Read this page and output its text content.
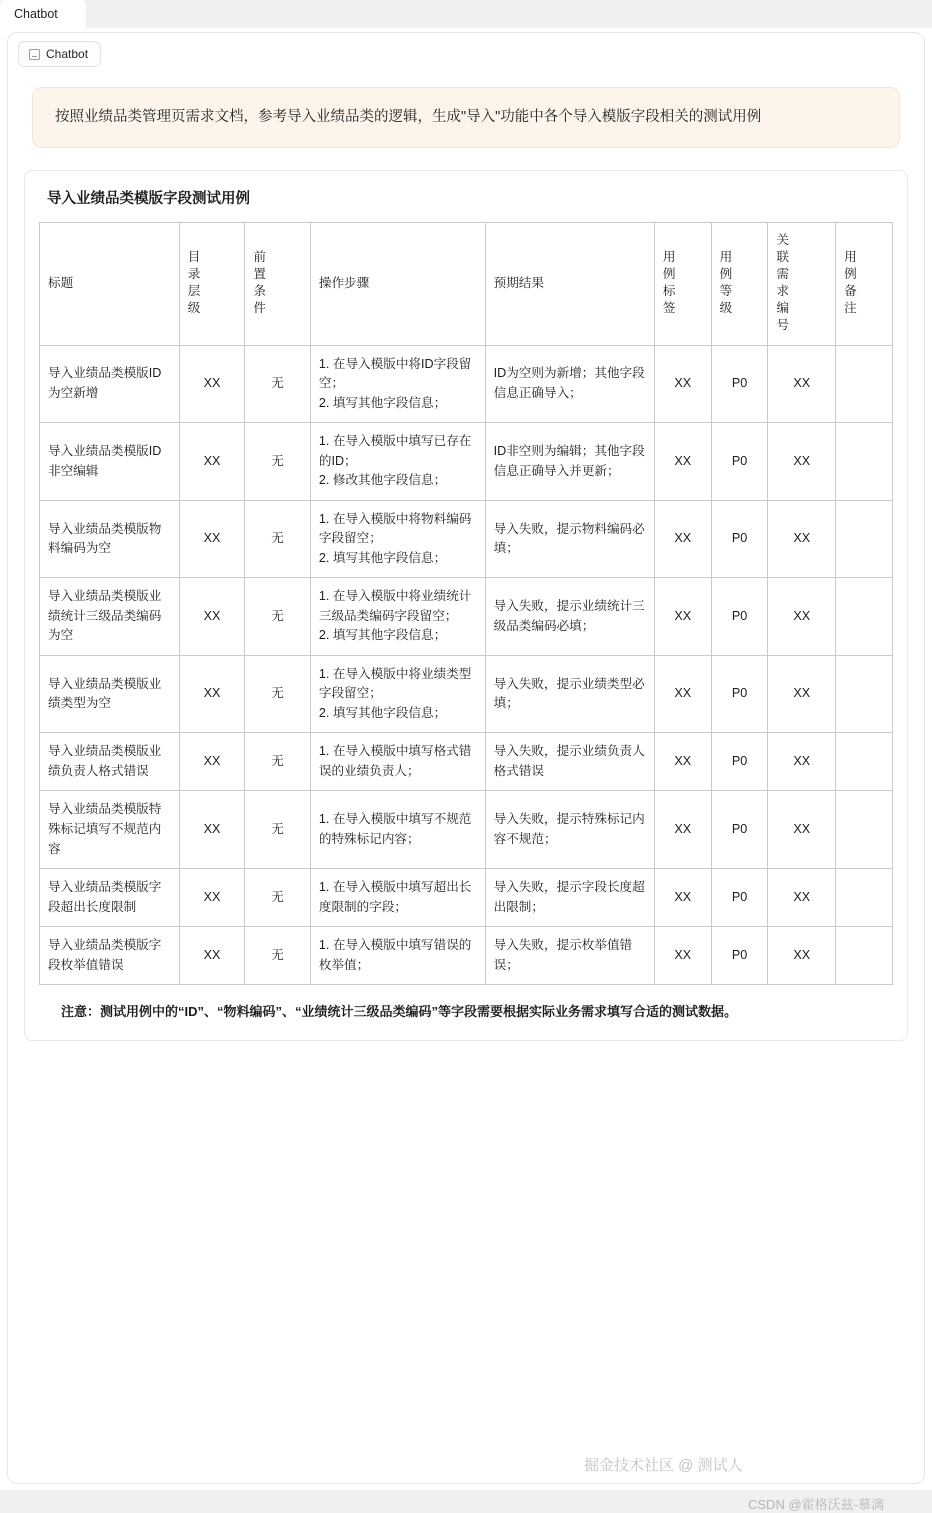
Chatbot
Chatbot
按照业绩品类管理页需求文档，参考导入业绩品类的逻辑，生成"导入"功能中各个导入模版字段相关的测试用例
导入业绩品类模版字段测试用例
标题	目录层级	前置条件	操作步骤	预期结果	用例标签	用例等级	关联需求编号	用例备注
导入业绩品类模版ID为空新增	XX	无	1. 在导入模版中将ID字段留空；
2. 填写其他字段信息；	ID为空则为新增；其他字段信息正确导入；	XX	P0	XX	
导入业绩品类模版ID非空编辑	XX	无	1. 在导入模版中填写已存在的ID；
2. 修改其他字段信息；	ID非空则为编辑；其他字段信息正确导入并更新；	XX	P0	XX	
导入业绩品类模版物料编码为空	XX	无	1. 在导入模版中将物料编码字段留空；
2. 填写其他字段信息；	导入失败，提示物料编码必填；	XX	P0	XX	
导入业绩品类模版业绩统计三级品类编码为空	XX	无	1. 在导入模版中将业绩统计三级品类编码字段留空；
2. 填写其他字段信息；	导入失败，提示业绩统计三级品类编码必填；	XX	P0	XX	
导入业绩品类模版业绩类型为空	XX	无	1. 在导入模版中将业绩类型字段留空；
2. 填写其他字段信息；	导入失败，提示业绩类型必填；	XX	P0	XX	
导入业绩品类模版业绩负责人格式错误	XX	无	1. 在导入模版中填写格式错误的业绩负责人；	导入失败，提示业绩负责人格式错误	XX	P0	XX	
导入业绩品类模版特殊标记填写不规范内容	XX	无	1. 在导入模版中填写不规范的特殊标记内容；	导入失败，提示特殊标记内容不规范；	XX	P0	XX	
导入业绩品类模版字段超出长度限制	XX	无	1. 在导入模版中填写超出长度限制的字段；	导入失败，提示字段长度超出限制；	XX	P0	XX	
导入业绩品类模版字段枚举值错误	XX	无	1. 在导入模版中填写错误的枚举值；	导入失败，提示枚举值错误；	XX	P0	XX	
注意：测试用例中的“ID”、“物料编码”、“业绩统计三级品类编码”等字段需要根据实际业务需求填写合适的测试数据。
掘金技术社区 @ 测试人
CSDN @霍格沃兹-慕漓
